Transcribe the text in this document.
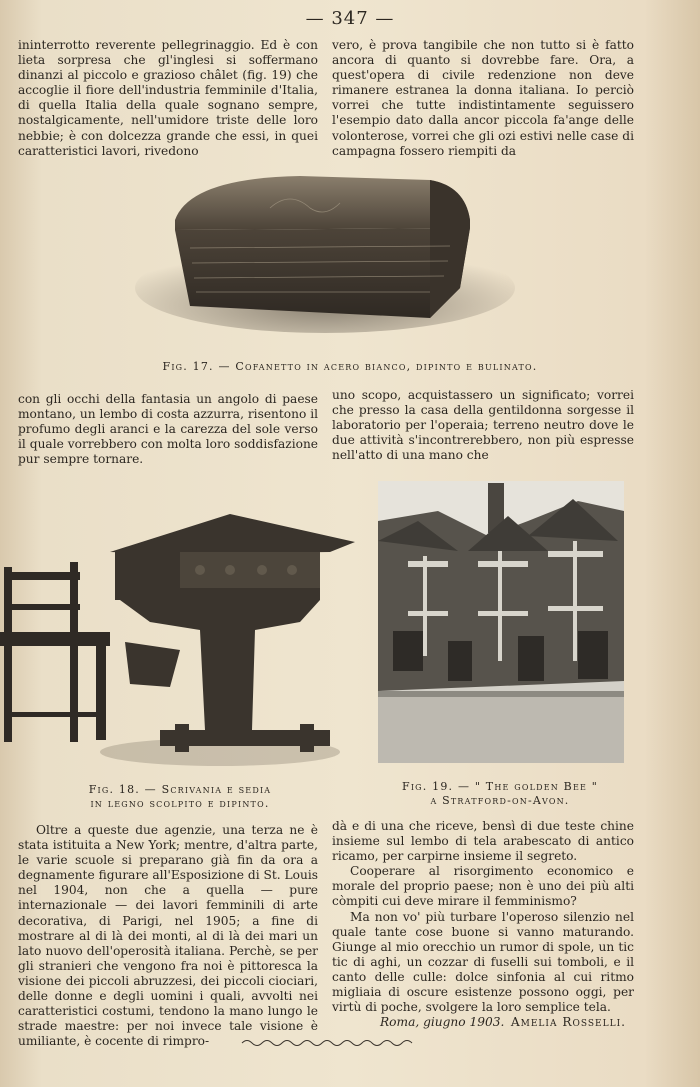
— 347 —

ininterrotto reverente pellegrinaggio. Ed è con lieta sorpresa che gl'inglesi si soffermano dinanzi al piccolo e grazioso châlet (fig. 19) che accoglie il fiore dell'industria femminile d'Italia, di quella Italia della quale sognano sempre, nostalgicamente, nell'umidore triste delle loro nebbie; è con dolcezza grande che essi, in quei caratteristici lavori, rivedono

vero, è prova tangibile che non tutto si è fatto ancora di quanto si dovrebbe fare. Ora, a quest'opera di civile redenzione non deve rimanere estranea la donna italiana. Io perciò vorrei che tutte indistintamente seguissero l'esempio dato dalla ancor piccola fa'ange delle volonterose, vorrei che gli ozi estivi nelle case di campagna fossero riempiti da

Fig. 17. — Cofanetto in acero bianco, dipinto e bulinato.

con gli occhi della fantasia un angolo di paese montano, un lembo di costa azzurra, risentono il profumo degli aranci e la carezza del sole verso il quale vorrebbero con molta loro soddisfazione pur sempre tornare.

uno scopo, acquistassero un significato; vorrei che presso la casa della gentildonna sorgesse il laboratorio per l'operaia; terreno neutro dove le due attività s'incontrerebbero, non più espresse nell'atto di una mano che

Fig. 18. — Scrivania e sedia
in legno scolpito e dipinto.
Fig. 19. — " The golden Bee "
a Stratford-on-Avon.

Oltre a queste due agenzie, una terza ne è stata istituita a New York; mentre, d'altra parte, le varie scuole si preparano già fin da ora a degnamente figurare all'Esposizione di St. Louis nel 1904, non che a quella — pure internazionale — dei lavori femminili di arte decorativa, di Parigi, nel 1905; a fine di mostrare al di là dei monti, al di là dei mari un lato nuovo dell'operosità italiana. Perchè, se per gli stranieri che vengono fra noi è pittoresca la visione dei piccoli abruzzesi, dei piccoli ciociari, delle donne e degli uomini i quali, avvolti nei caratteristici costumi, tendono la mano lungo le strade maestre: per noi invece tale visione è umiliante, è cocente di rimpro-

dà e di una che riceve, bensì di due teste chine insieme sul lembo di tela arabescato di antico ricamo, per carpirne insieme il segreto.

Cooperare al risorgimento economico e morale del proprio paese; non è uno dei più alti còmpiti cui deve mirare il femminismo?

Ma non vo' più turbare l'operoso silenzio nel quale tante cose buone si vanno maturando. Giunge al mio orecchio un rumor di spole, un tic tic di aghi, un cozzar di fuselli sui tomboli, e il canto delle culle: dolce sinfonia al cui ritmo migliaia di oscure esistenze possono oggi, per virtù di poche, svolgere la loro semplice tela.

Amelia Rosselli.
Roma, giugno 1903.
